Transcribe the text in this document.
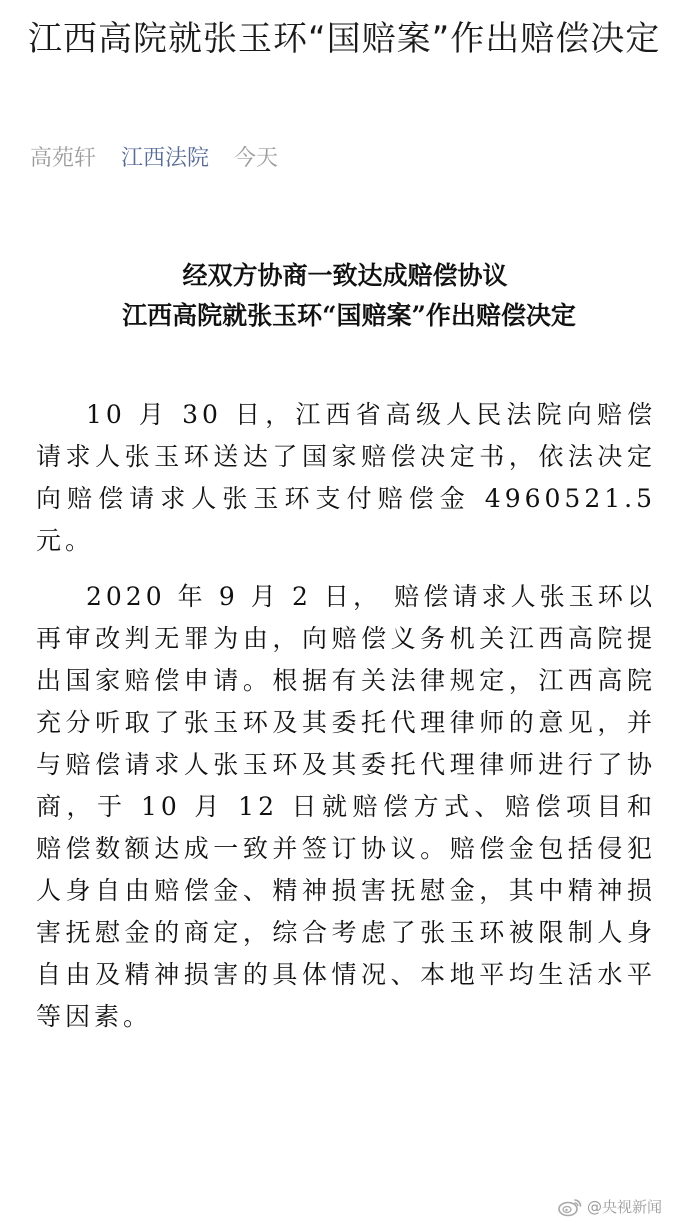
江西高院就张玉环“国赔案”作出赔偿决定
高苑轩 江西法院 今天
经双方协商一致达成赔偿协议
江西高院就张玉环“国赔案”作出赔偿决定

10 月 30 日，江西省高级人民法院向赔偿请求人张玉环送达了国家赔偿决定书，依法决定向赔偿请求人张玉环支付赔偿金 4960521.5 元。

2020 年 9 月 2 日， 赔偿请求人张玉环以再审改判无罪为由，向赔偿义务机关江西高院提出国家赔偿申请。根据有关法律规定，江西高院充分听取了张玉环及其委托代理律师的意见，并与赔偿请求人张玉环及其委托代理律师进行了协商，于 10 月 12 日就赔偿方式、赔偿项目和赔偿数额达成一致并签订协议。赔偿金包括侵犯人身自由赔偿金、精神损害抚慰金，其中精神损害抚慰金的商定，综合考虑了张玉环被限制人身自由及精神损害的具体情况、本地平均生活水平等因素。

@央视新闻
